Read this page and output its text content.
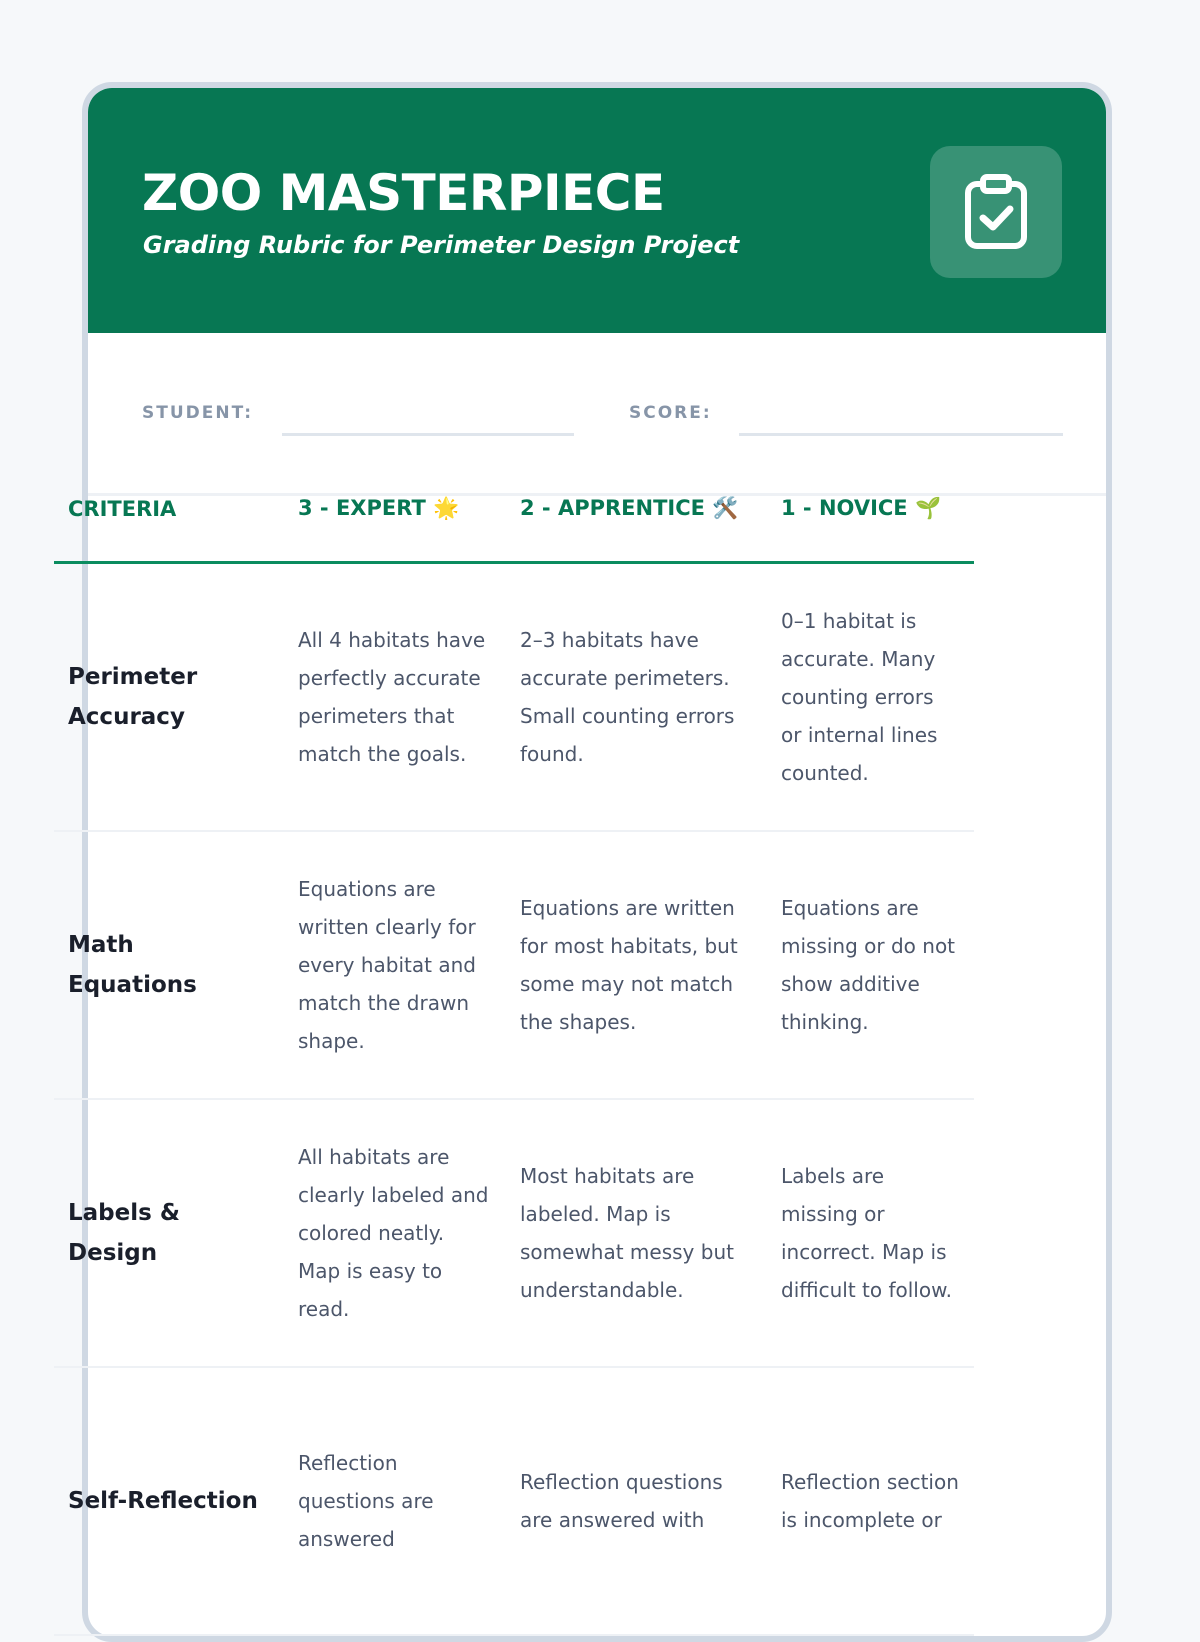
ZOO MASTERPIECE
Grading Rubric for Perimeter Design Project
STUDENT:	SCORE:
CRITERIA	3 - EXPERT 🌟	2 - APPRENTICE 🛠️	1 - NOVICE 🌱
Perimeter Accuracy	All 4 habitats have perfectly accurate perimeters that match the goals.	2–3 habitats have accurate perimeters. Small counting errors found.	0–1 habitat is accurate. Many counting errors or internal lines counted.
Math Equations	Equations are written clearly for every habitat and match the drawn shape.	Equations are written for most habitats, but some may not match the shapes.	Equations are missing or do not show additive thinking.
Labels & Design	All habitats are clearly labeled and colored neatly. Map is easy to read.	Most habitats are labeled. Map is somewhat messy but understandable.	Labels are missing or incorrect. Map is difficult to follow.
Self-Reflection	Reflection questions are answered	Reflection questions are answered with	Reflection section is incomplete or
